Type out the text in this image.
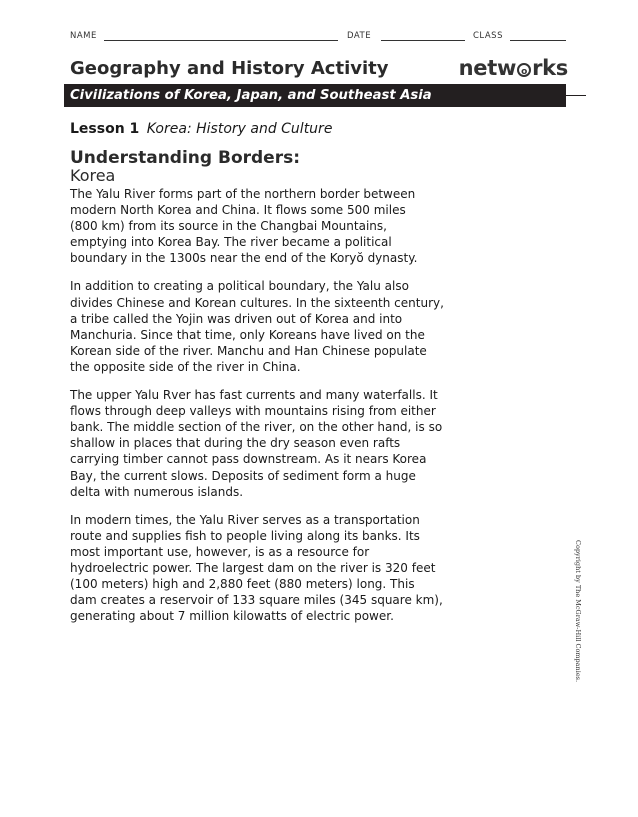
NAME	DATE	CLASS
Geography and History Activity	netw o rks
Civilizations of Korea, Japan, and Southeast Asia
Lesson 1 Korea: History and Culture
Understanding Borders:
Korea

The Yalu River forms part of the northern border between
modern North Korea and China. It flows some 500 miles
(800 km) from its source in the Changbai Mountains,
emptying into Korea Bay. The river became a political
boundary in the 1300s near the end of the Koryŏ dynasty.

In addition to creating a political boundary, the Yalu also
divides Chinese and Korean cultures. In the sixteenth century,
a tribe called the Yojin was driven out of Korea and into
Manchuria. Since that time, only Koreans have lived on the
Korean side of the river. Manchu and Han Chinese populate
the opposite side of the river in China.

The upper Yalu Rver has fast currents and many waterfalls. It
flows through deep valleys with mountains rising from either
bank. The middle section of the river, on the other hand, is so
shallow in places that during the dry season even rafts
carrying timber cannot pass downstream. As it nears Korea
Bay, the current slows. Deposits of sediment form a huge
delta with numerous islands.

In modern times, the Yalu River serves as a transportation
route and supplies fish to people living along its banks. Its
most important use, however, is as a resource for
hydroelectric power. The largest dam on the river is 320 feet
(100 meters) high and 2,880 feet (880 meters) long. This
dam creates a reservoir of 133 square miles (345 square km),
generating about 7 million kilowatts of electric power.	Copyright by The McGraw-Hill Companies.
